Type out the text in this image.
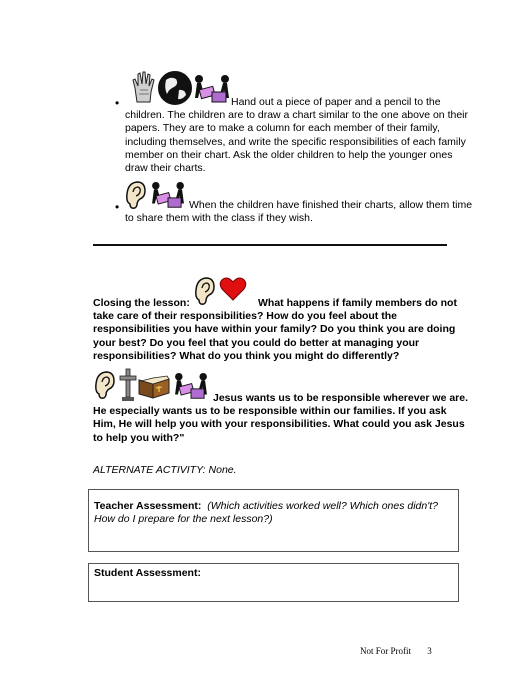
•	Hand out a piece of paper and a pencil to the
children. The children are to draw a chart similar to the one above on their
papers. They are to make a column for each member of their family,
including themselves, and write the specific responsibilities of each family
member on their chart. Ask the older children to help the younger ones
draw their charts.
•	When the children have finished their charts, allow them time
to share them with the class if they wish.
Closing the lesson:	What happens if family members do not
take care of their responsibilities? How do you feel about the
responsibilities you have within your family? Do you think you are doing
your best? Do you feel that you could do better at managing your
responsibilities? What do you think you might do differently?
Jesus wants us to be responsible wherever we are.
He especially wants us to be responsible within our families. If you ask
Him, He will help you with your responsibilities. What could you ask Jesus
to help you with?"
ALTERNATE ACTIVITY: None.
Teacher Assessment: (Which activities worked well? Which ones didn't?
How do I prepare for the next lesson?)
Student Assessment:
Not For Profit 3
